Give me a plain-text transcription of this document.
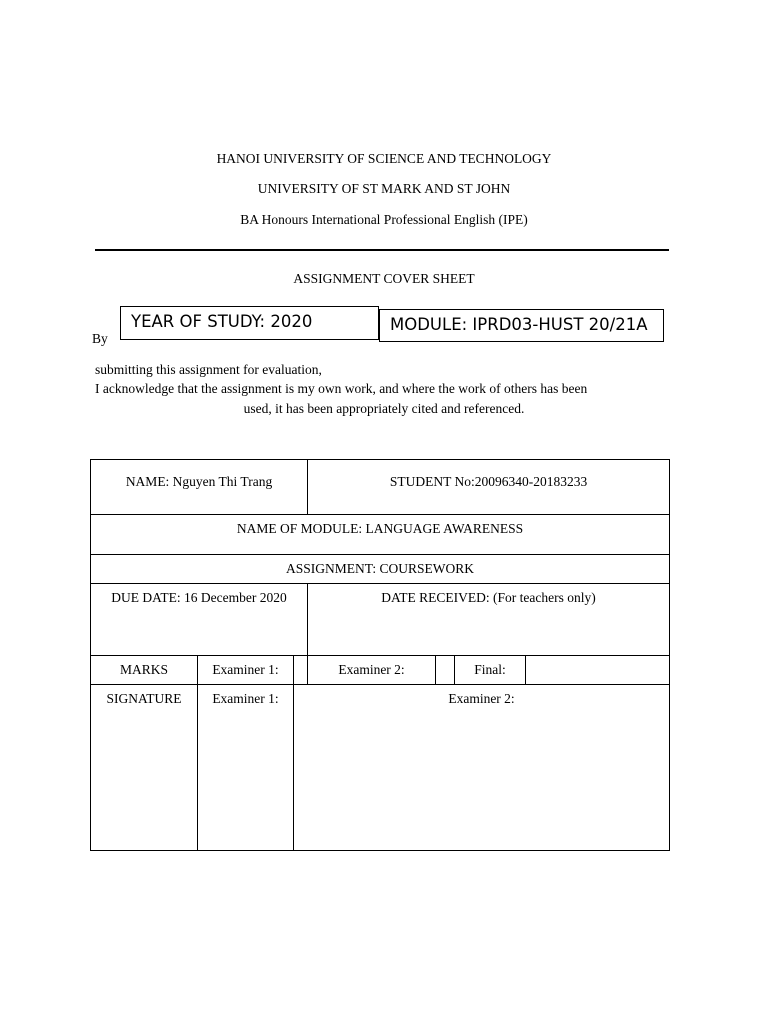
HANOI UNIVERSITY OF SCIENCE AND TECHNOLOGY
UNIVERSITY OF ST MARK AND ST JOHN
BA Honours International Professional English (IPE)
ASSIGNMENT COVER SHEET
YEAR OF STUDY: 2020	MODULE: IPRD03-HUST 20/21A
By
submitting this assignment for evaluation,
I acknowledge that the assignment is my own work, and where the work of others has been
used, it has been appropriately cited and referenced.
NAME: Nguyen Thi Trang			STUDENT No:20096340-20183233			

NAME OF MODULE: LANGUAGE AWARENESS						

ASSIGNMENT: COURSEWORK						

DUE DATE: 16 December 2020			DATE RECEIVED: (For teachers only)			

MARKS	Examiner 1:		Examiner 2:		Final:	

SIGNATURE	Examiner 1:	Examiner 2:				
